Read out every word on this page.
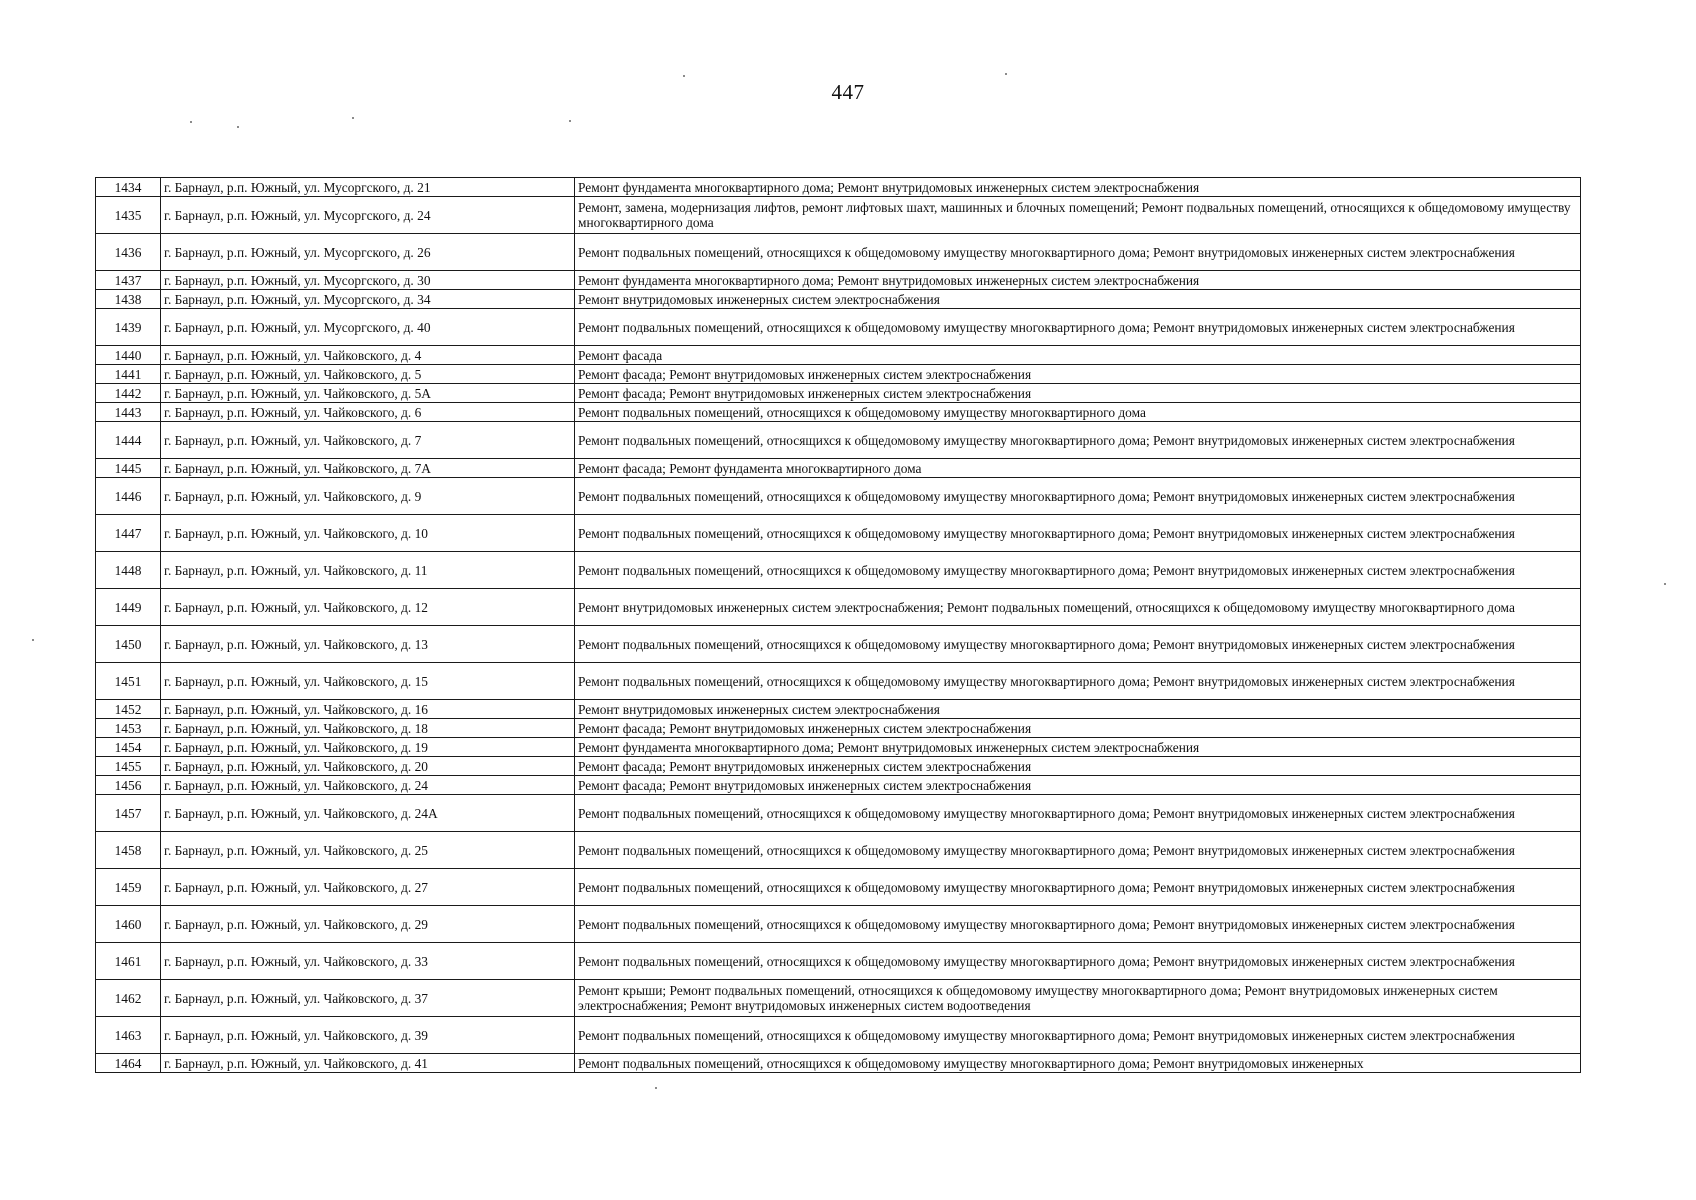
447
1434	г. Барнаул, р.п. Южный, ул. Мусоргского, д. 21	Ремонт фундамента многоквартирного дома; Ремонт внутридомовых инженерных систем электроснабжения
1435	г. Барнаул, р.п. Южный, ул. Мусоргского, д. 24	Ремонт, замена, модернизация лифтов, ремонт лифтовых шахт, машинных и блочных помещений; Ремонт подвальных помещений, относящихся к общедомовому имуществу многоквартирного дома
1436	г. Барнаул, р.п. Южный, ул. Мусоргского, д. 26	Ремонт подвальных помещений, относящихся к общедомовому имуществу многоквартирного дома; Ремонт внутридомовых инженерных систем электроснабжения
1437	г. Барнаул, р.п. Южный, ул. Мусоргского, д. 30	Ремонт фундамента многоквартирного дома; Ремонт внутридомовых инженерных систем электроснабжения
1438	г. Барнаул, р.п. Южный, ул. Мусоргского, д. 34	Ремонт внутридомовых инженерных систем электроснабжения
1439	г. Барнаул, р.п. Южный, ул. Мусоргского, д. 40	Ремонт подвальных помещений, относящихся к общедомовому имуществу многоквартирного дома; Ремонт внутридомовых инженерных систем электроснабжения
1440	г. Барнаул, р.п. Южный, ул. Чайковского, д. 4	Ремонт фасада
1441	г. Барнаул, р.п. Южный, ул. Чайковского, д. 5	Ремонт фасада; Ремонт внутридомовых инженерных систем электроснабжения
1442	г. Барнаул, р.п. Южный, ул. Чайковского, д. 5А	Ремонт фасада; Ремонт внутридомовых инженерных систем электроснабжения
1443	г. Барнаул, р.п. Южный, ул. Чайковского, д. 6	Ремонт подвальных помещений, относящихся к общедомовому имуществу многоквартирного дома
1444	г. Барнаул, р.п. Южный, ул. Чайковского, д. 7	Ремонт подвальных помещений, относящихся к общедомовому имуществу многоквартирного дома; Ремонт внутридомовых инженерных систем электроснабжения
1445	г. Барнаул, р.п. Южный, ул. Чайковского, д. 7А	Ремонт фасада; Ремонт фундамента многоквартирного дома
1446	г. Барнаул, р.п. Южный, ул. Чайковского, д. 9	Ремонт подвальных помещений, относящихся к общедомовому имуществу многоквартирного дома; Ремонт внутридомовых инженерных систем электроснабжения
1447	г. Барнаул, р.п. Южный, ул. Чайковского, д. 10	Ремонт подвальных помещений, относящихся к общедомовому имуществу многоквартирного дома; Ремонт внутридомовых инженерных систем электроснабжения
1448	г. Барнаул, р.п. Южный, ул. Чайковского, д. 11	Ремонт подвальных помещений, относящихся к общедомовому имуществу многоквартирного дома; Ремонт внутридомовых инженерных систем электроснабжения
1449	г. Барнаул, р.п. Южный, ул. Чайковского, д. 12	Ремонт внутридомовых инженерных систем электроснабжения; Ремонт подвальных помещений, относящихся к общедомовому имуществу многоквартирного дома
1450	г. Барнаул, р.п. Южный, ул. Чайковского, д. 13	Ремонт подвальных помещений, относящихся к общедомовому имуществу многоквартирного дома; Ремонт внутридомовых инженерных систем электроснабжения
1451	г. Барнаул, р.п. Южный, ул. Чайковского, д. 15	Ремонт подвальных помещений, относящихся к общедомовому имуществу многоквартирного дома; Ремонт внутридомовых инженерных систем электроснабжения
1452	г. Барнаул, р.п. Южный, ул. Чайковского, д. 16	Ремонт внутридомовых инженерных систем электроснабжения
1453	г. Барнаул, р.п. Южный, ул. Чайковского, д. 18	Ремонт фасада; Ремонт внутридомовых инженерных систем электроснабжения
1454	г. Барнаул, р.п. Южный, ул. Чайковского, д. 19	Ремонт фундамента многоквартирного дома; Ремонт внутридомовых инженерных систем электроснабжения
1455	г. Барнаул, р.п. Южный, ул. Чайковского, д. 20	Ремонт фасада; Ремонт внутридомовых инженерных систем электроснабжения
1456	г. Барнаул, р.п. Южный, ул. Чайковского, д. 24	Ремонт фасада; Ремонт внутридомовых инженерных систем электроснабжения
1457	г. Барнаул, р.п. Южный, ул. Чайковского, д. 24А	Ремонт подвальных помещений, относящихся к общедомовому имуществу многоквартирного дома; Ремонт внутридомовых инженерных систем электроснабжения
1458	г. Барнаул, р.п. Южный, ул. Чайковского, д. 25	Ремонт подвальных помещений, относящихся к общедомовому имуществу многоквартирного дома; Ремонт внутридомовых инженерных систем электроснабжения
1459	г. Барнаул, р.п. Южный, ул. Чайковского, д. 27	Ремонт подвальных помещений, относящихся к общедомовому имуществу многоквартирного дома; Ремонт внутридомовых инженерных систем электроснабжения
1460	г. Барнаул, р.п. Южный, ул. Чайковского, д. 29	Ремонт подвальных помещений, относящихся к общедомовому имуществу многоквартирного дома; Ремонт внутридомовых инженерных систем электроснабжения
1461	г. Барнаул, р.п. Южный, ул. Чайковского, д. 33	Ремонт подвальных помещений, относящихся к общедомовому имуществу многоквартирного дома; Ремонт внутридомовых инженерных систем электроснабжения
1462	г. Барнаул, р.п. Южный, ул. Чайковского, д. 37	Ремонт крыши; Ремонт подвальных помещений, относящихся к общедомовому имуществу многоквартирного дома; Ремонт внутридомовых инженерных систем электроснабжения; Ремонт внутридомовых инженерных систем водоотведения
1463	г. Барнаул, р.п. Южный, ул. Чайковского, д. 39	Ремонт подвальных помещений, относящихся к общедомовому имуществу многоквартирного дома; Ремонт внутридомовых инженерных систем электроснабжения
1464	г. Барнаул, р.п. Южный, ул. Чайковского, д. 41	Ремонт подвальных помещений, относящихся к общедомовому имуществу многоквартирного дома; Ремонт внутридомовых инженерных
